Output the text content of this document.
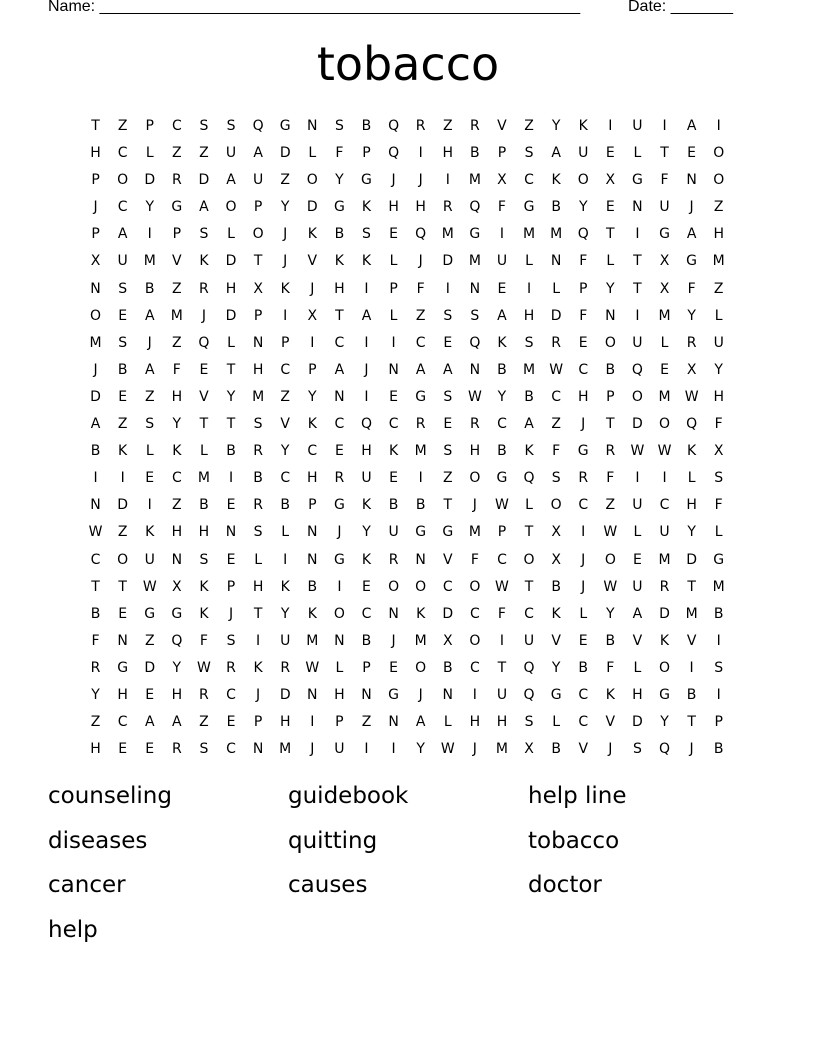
Name: ______________________________________________________	Date: _______
tobacco
T	Z	P	C	S	S	Q	G	N	S	B	Q	R	Z	R	V	Z	Y	K	I	U	I	A	I
H	C	L	Z	Z	U	A	D	L	F	P	Q	I	H	B	P	S	A	U	E	L	T	E	O
P	O	D	R	D	A	U	Z	O	Y	G	J	J	I	M	X	C	K	O	X	G	F	N	O
J	C	Y	G	A	O	P	Y	D	G	K	H	H	R	Q	F	G	B	Y	E	N	U	J	Z
P	A	I	P	S	L	O	J	K	B	S	E	Q	M	G	I	M	M	Q	T	I	G	A	H
X	U	M	V	K	D	T	J	V	K	K	L	J	D	M	U	L	N	F	L	T	X	G	M
N	S	B	Z	R	H	X	K	J	H	I	P	F	I	N	E	I	L	P	Y	T	X	F	Z
O	E	A	M	J	D	P	I	X	T	A	L	Z	S	S	A	H	D	F	N	I	M	Y	L
M	S	J	Z	Q	L	N	P	I	C	I	I	C	E	Q	K	S	R	E	O	U	L	R	U
J	B	A	F	E	T	H	C	P	A	J	N	A	A	N	B	M	W	C	B	Q	E	X	Y
D	E	Z	H	V	Y	M	Z	Y	N	I	E	G	S	W	Y	B	C	H	P	O	M	W	H
A	Z	S	Y	T	T	S	V	K	C	Q	C	R	E	R	C	A	Z	J	T	D	O	Q	F
B	K	L	K	L	B	R	Y	C	E	H	K	M	S	H	B	K	F	G	R	W W	K	X
I	I	E	C	M	I	B	C	H	R	U	E	I	Z	O	G	Q	S	R	F	I	I	L	S
N	D	I	Z	B	E	R	B	P	G	K	B	B	T	J	W	L	O	C	Z	U	C	H	F
W	Z	K	H	H	N	S	L	N	J	Y	U	G	G	M	P	T	X	I	W	L	U	Y	L
C	O	U	N	S	E	L	I	N	G	K	R	N	V	F	C	O	X	J	O	E	M	D	G
T	T	W	X	K	P	H	K	B	I	E	O	O	C	O	W	T	B	J	W	U	R	T	M
B	E	G	G	K	J	T	Y	K	O	C	N	K	D	C	F	C	K	L	Y	A	D	M	B
F	N	Z	Q	F	S	I	U	M	N	B	J	M	X	O	I	U	V	E	B	V	K	V	I
R	G	D	Y	W	R	K	R	W	L	P	E	O	B	C	T	Q	Y	B	F	L	O	I	S
Y	H	E	H	R	C	J	D	N	H	N	G	J	N	I	U	Q	G	C	K	H	G	B	I
Z	C	A	A	Z	E	P	H	I	P	Z	N	A	L	H	H	S	L	C	V	D	Y	T	P
H	E	E	R	S	C	N	M	J	U	I	I	Y	W	J	M	X	B	V	J	S	Q	J	B
counseling	guidebook	help line
diseases	quitting	tobacco
cancer	causes	doctor
help
